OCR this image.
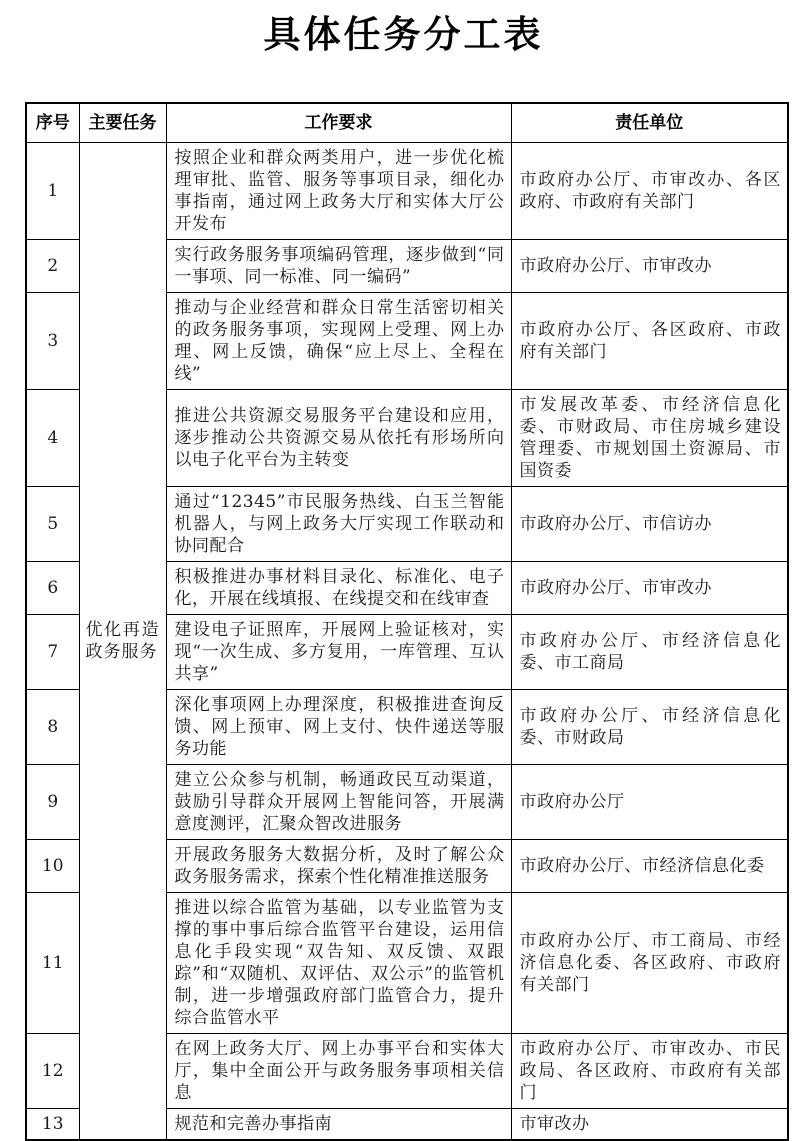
具体任务分工表
序号	主要任务	工作要求	责任单位
1	优化再造政务服务	按照企业和群众两类用户，进一步优化梳理审批、监管、服务等事项目录，细化办事指南，通过网上政务大厅和实体大厅公开发布	市政府办公厅、市审改办、各区政府、市政府有关部门
2		实行政务服务事项编码管理，逐步做到“同一事项、同一标准、同一编码”	市政府办公厅、市审改办
3		推动与企业经营和群众日常生活密切相关的政务服务事项，实现网上受理、网上办理、网上反馈，确保“应上尽上、全程在线”	市政府办公厅、各区政府、市政府有关部门
4		推进公共资源交易服务平台建设和应用，逐步推动公共资源交易从依托有形场所向以电子化平台为主转变	市发展改革委、市经济信息化委、市财政局、市住房城乡建设管理委、市规划国土资源局、市国资委
5		通过“12345”市民服务热线、白玉兰智能机器人，与网上政务大厅实现工作联动和协同配合	市政府办公厅、市信访办
6		积极推进办事材料目录化、标准化、电子化，开展在线填报、在线提交和在线审查	市政府办公厅、市审改办
7		建设电子证照库，开展网上验证核对，实现“一次生成、多方复用，一库管理、互认共享”	市政府办公厅、市经济信息化委、市工商局
8		深化事项网上办理深度，积极推进查询反馈、网上预审、网上支付、快件递送等服务功能	市政府办公厅、市经济信息化委、市财政局
9		建立公众参与机制，畅通政民互动渠道，鼓励引导群众开展网上智能问答，开展满意度测评，汇聚众智改进服务	市政府办公厅
10		开展政务服务大数据分析，及时了解公众政务服务需求，探索个性化精准推送服务	市政府办公厅、市经济信息化委
11		推进以综合监管为基础，以专业监管为支撑的事中事后综合监管平台建设，运用信息化手段实现“双告知、双反馈、双跟踪”和“双随机、双评估、双公示”的监管机制，进一步增强政府部门监管合力，提升综合监管水平	市政府办公厅、市工商局、市经济信息化委、各区政府、市政府有关部门
12		在网上政务大厅、网上办事平台和实体大厅，集中全面公开与政务服务事项相关信息	市政府办公厅、市审改办、市民政局、各区政府、市政府有关部门
13		规范和完善办事指南	市审改办
